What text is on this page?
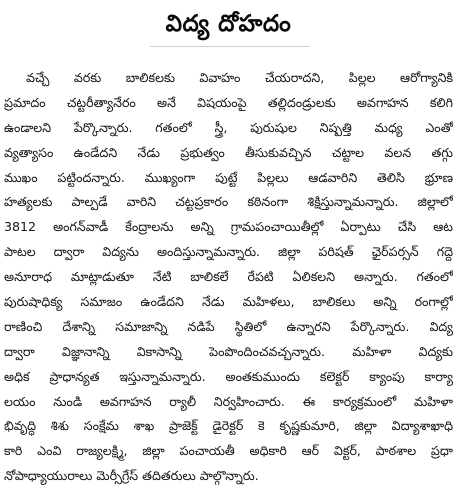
విద్య దోహదం
వచ్చే వరకు బాలికలకు వివాహం చేయరాదని, పిల్లల ఆరోగ్యానికి
ప్రమాదం చట్టరీత్యానేరం అనే విషయంపై తల్లిదండ్రులకు అవగాహన కలిగి
ఉండాలని పేర్కొన్నారు. గతంలో స్త్రీ, పురుషుల నిష్పత్తి మధ్య ఎంతో
వ్యత్యాసం ఉండేదని నేడు ప్రభుత్వం తీసుకువచ్చిన చట్టాల వలన తగ్గు
ముఖం పట్టిందన్నారు. ముఖ్యంగా పుట్టే పిల్లలు ఆడవారిని తెలిసి భ్రూణ
హత్యలకు పాల్పడే వారిని చట్టప్రకారం కఠినంగా శిక్షిస్తున్నామన్నారు. జిల్లాలో
3812 అంగన్‌వాడీ కేంద్రాలను అన్ని గ్రామపంచాయితీల్లో ఏర్పాటు చేసి ఆట
పాటల ద్వారా విద్యను అందిస్తున్నామన్నారు. జిల్లా పరిషత్ ఛైర్‌పర్సన్ గద్దె
అనూరాధ మాట్లాడుతూ నేటి బాలికలే రేపటి ఏలికలని అన్నారు. గతంలో
పురుషాధిక్య సమాజం ఉండేదని నేడు మహిళలు, బాలికలు అన్ని రంగాల్లో
రాణించి దేశాన్ని సమాజాన్ని నడిపే స్థితిలో ఉన్నారని పేర్కొన్నారు. విద్య
ద్వారా విజ్ఞానాన్ని వికాసాన్ని పెంపొందించవచ్చన్నారు. మహిళా విద్యకు
అధిక ప్రాధాన్యత ఇస్తున్నామన్నారు. అంతకుముందు కలెక్టర్ క్యాంపు కార్యా
లయం నుండి అవగాహన ర్యాలీ నిర్వహించారు. ఈ కార్యక్రమంలో మహిళా
భివృద్ధి శిశు సంక్షేమ శాఖ ప్రాజెక్ట్ డైరెక్టర్ కె కృష్ణకుమారి, జిల్లా విద్యాశాఖాధి
కారి ఎంవి రాజ్యలక్ష్మి, జిల్లా పంచాయతీ అధికారి ఆర్ విక్టర్, పాఠశాల ప్రధా
నోపాధ్యాయురాలు మెర్సీగ్రేస్ తదితరులు పాల్గొన్నారు.
